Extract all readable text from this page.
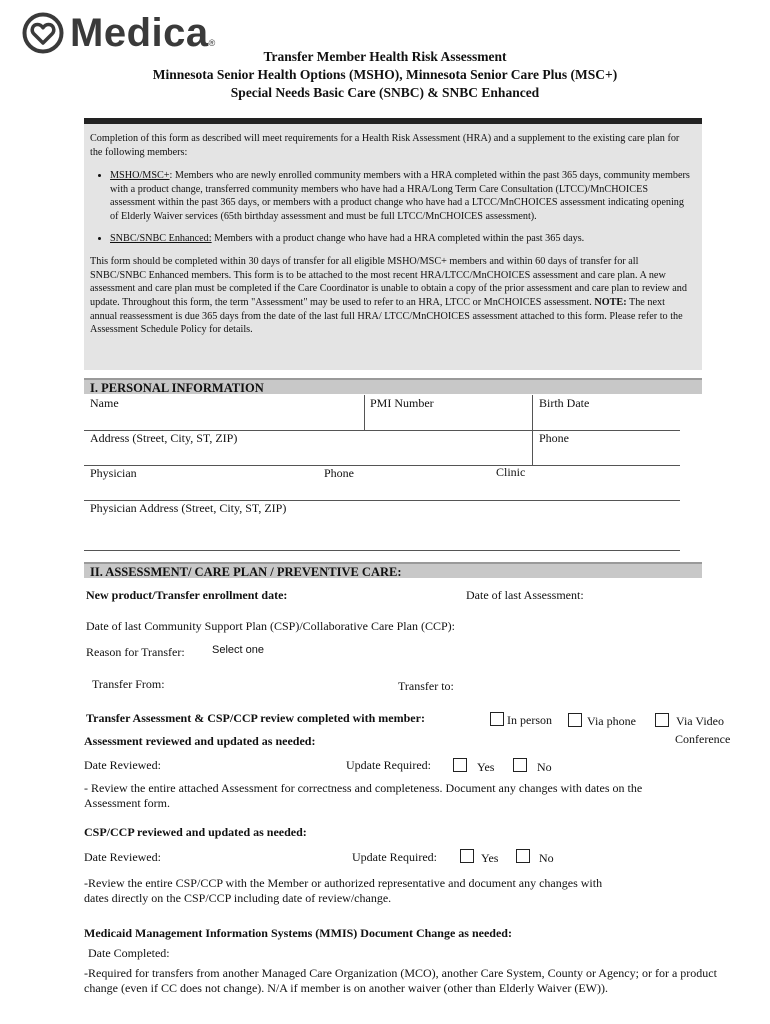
Medica ®
Transfer Member Health Risk Assessment
Minnesota Senior Health Options (MSHO), Minnesota Senior Care Plus (MSC+)
Special Needs Basic Care (SNBC) & SNBC Enhanced

Completion of this form as described will meet requirements for a Health Risk Assessment (HRA) and a supplement to the existing care plan for the following members:

• MSHO/MSC+: Members who are newly enrolled community members with a HRA completed within the past 365 days, community members with a product change, transferred community members who have had a HRA/Long Term Care Consultation (LTCC)/MnCHOICES assessment within the past 365 days, or members with a product change who have had a LTCC/MnCHOICES assessment indicating opening of Elderly Waiver services (65th birthday assessment and must be full LTCC/MnCHOICES assessment).
• SNBC/SNBC Enhanced: Members with a product change who have had a HRA completed within the past 365 days.

This form should be completed within 30 days of transfer for all eligible MSHO/MSC+ members and within 60 days of transfer for all SNBC/SNBC Enhanced members. This form is to be attached to the most recent HRA/LTCC/MnCHOICES assessment and care plan. A new assessment and care plan must be completed if the Care Coordinator is unable to obtain a copy of the prior assessment and care plan to review and update. Throughout this form, the term "Assessment" may be used to refer to an HRA, LTCC or MnCHOICES assessment. NOTE: The next annual reassessment is due 365 days from the date of the last full HRA/ LTCC/MnCHOICES assessment attached to this form. Please refer to the Assessment Schedule Policy for details.

I. PERSONAL INFORMATION
Name	PMI Number	Birth Date
Address (Street, City, ST, ZIP)	Phone
Physician	Phone	Clinic
Physician Address (Street, City, ST, ZIP)
II. ASSESSMENT/ CARE PLAN / PREVENTIVE CARE:
New product/Transfer enrollment date:	Date of last Assessment:
Date of last Community Support Plan (CSP)/Collaborative Care Plan (CCP):
Reason for Transfer: Select one
Transfer From:	Transfer to:
Transfer Assessment & CSP/CCP review completed with member:	In person	Via phone	Via Video
Conference
Assessment reviewed and updated as needed:
Date Reviewed:	Update Required:	Yes	No
- Review the entire attached Assessment for correctness and completeness. Document any changes with dates on the Assessment form.
CSP/CCP reviewed and updated as needed:
Date Reviewed:	Update Required:	Yes	No
-Review the entire CSP/CCP with the Member or authorized representative and document any changes with dates directly on the CSP/CCP including date of review/change.
Medicaid Management Information Systems (MMIS) Document Change as needed:
Date Completed:
-Required for transfers from another Managed Care Organization (MCO), another Care System, County or Agency; or for a product change (even if CC does not change). N/A if member is on another waiver (other than Elderly Waiver (EW)).
